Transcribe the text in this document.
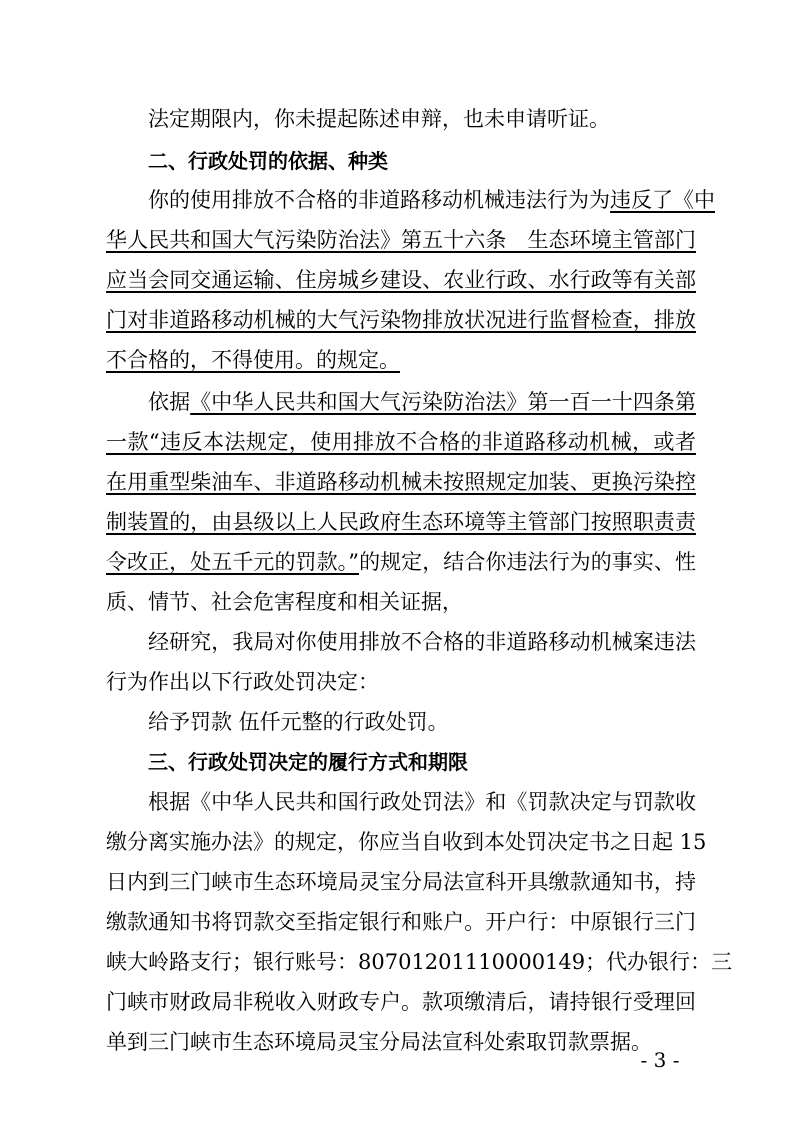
法定期限内，你未提起陈述申辩，也未申请听证。
二、行政处罚的依据、种类
你的使用排放不合格的非道路移动机械违法行为为违反了《中
华人民共和国大气污染防治法》第五十六条　生态环境主管部门
应当会同交通运输、住房城乡建设、农业行政、水行政等有关部
门对非道路移动机械的大气污染物排放状况进行监督检查，排放
不合格的，不得使用。的规定。
依据《中华人民共和国大气污染防治法》第一百一十四条第
一款“违反本法规定，使用排放不合格的非道路移动机械，或者
在用重型柴油车、非道路移动机械未按照规定加装、更换污染控
制装置的，由县级以上人民政府生态环境等主管部门按照职责责
令改正，处五千元的罚款。”的规定，结合你违法行为的事实、性
质、情节、社会危害程度和相关证据，
经研究，我局对你使用排放不合格的非道路移动机械案违法
行为作出以下行政处罚决定：
给予罚款 伍仟元整的行政处罚。
三、行政处罚决定的履行方式和期限
根据《中华人民共和国行政处罚法》和《罚款决定与罚款收
缴分离实施办法》的规定，你应当自收到本处罚决定书之日起 15
日内到三门峡市生态环境局灵宝分局法宣科开具缴款通知书，持
缴款通知书将罚款交至指定银行和账户。开户行：中原银行三门
峡大岭路支行；银行账号：80701201110000149；代办银行：三
门峡市财政局非税收入财政专户。款项缴清后，请持银行受理回
单到三门峡市生态环境局灵宝分局法宣科处索取罚款票据。
- 3 -
